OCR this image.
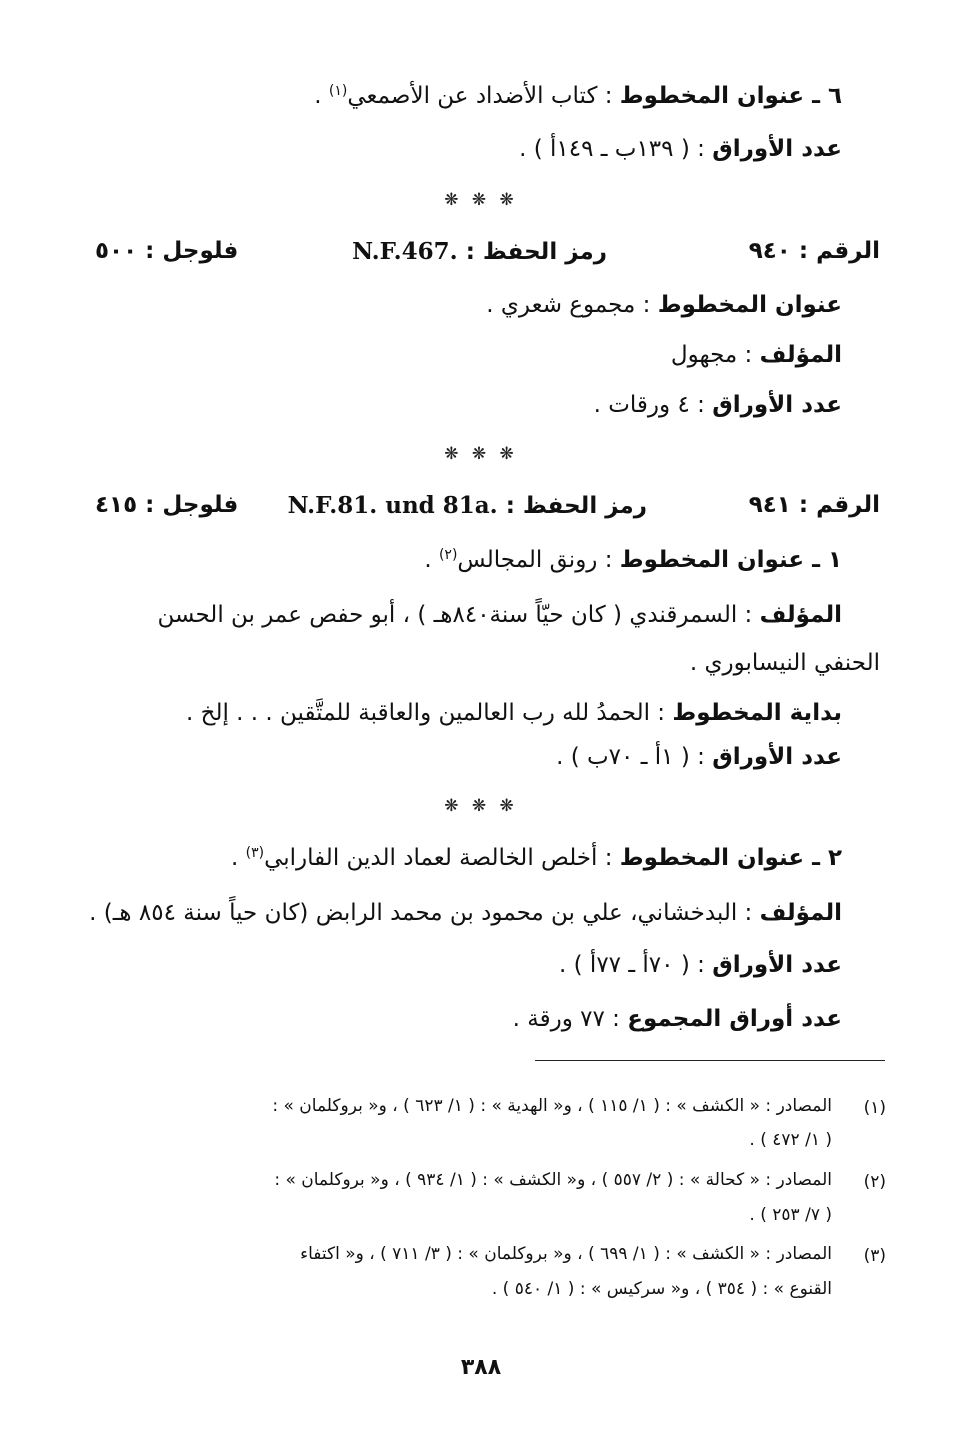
٦ ـ عنوان المخطوط : كتاب الأضداد عن الأصمعي$^{(١)}$ .
عدد الأوراق : ( ١٣٩ب ـ ١٤٩أ ) .
❋ ❋ ❋
الرقم : ٩٤٠
رمز الحفظ : N.F.467.
فلوجل : ٥٠٠
عنوان المخطوط : مجموع شعري .
المؤلف : مجهول
عدد الأوراق : ٤ ورقات .
❋ ❋ ❋
الرقم : ٩٤١
رمز الحفظ : N.F.81. und 81a.
فلوجل : ٤١٥
١ ـ عنوان المخطوط : رونق المجالس$^{(٢)}$ .
المؤلف : السمرقندي ( كان حيّاً سنة٨٤٠هـ ) ، أبو حفص عمر بن الحسن
الحنفي النيسابوري .
بداية المخطوط : الحمدُ لله رب العالمين والعاقبة للمتَّقين . . . إلخ .
عدد الأوراق : ( ١أ ـ ٧٠ب ) .
❋ ❋ ❋
٢ ـ عنوان المخطوط : أخلص الخالصة لعماد الدين الفارابي$^{(٣)}$ .
المؤلف : البدخشاني، علي بن محمود بن محمد الرابض (كان حياً سنة ٨٥٤ هـ) .
عدد الأوراق : ( ٧٠أ ـ ٧٧أ ) .
عدد أوراق المجموع : ٧٧ ورقة .
(١)
المصادر : « الكشف » : ( ١/ ١١٥ ) ، و« الهدية » : ( ١/ ٦٢٣ ) ، و« بروكلمان » :
( ١/ ٤٧٢ ) .
(٢)
المصادر : « كحالة » : ( ٢/ ٥٥٧ ) ، و« الكشف » : ( ١/ ٩٣٤ ) ، و« بروكلمان » :
( ٧/ ٢٥٣ ) .
(٣)
المصادر : « الكشف » : ( ١/ ٦٩٩ ) ، و« بروكلمان » : ( ٣/ ٧١١ ) ، و« اكتفاء
القنوع » : ( ٣٥٤ ) ، و« سركيس » : ( ١/ ٥٤٠ ) .
٣٨٨
